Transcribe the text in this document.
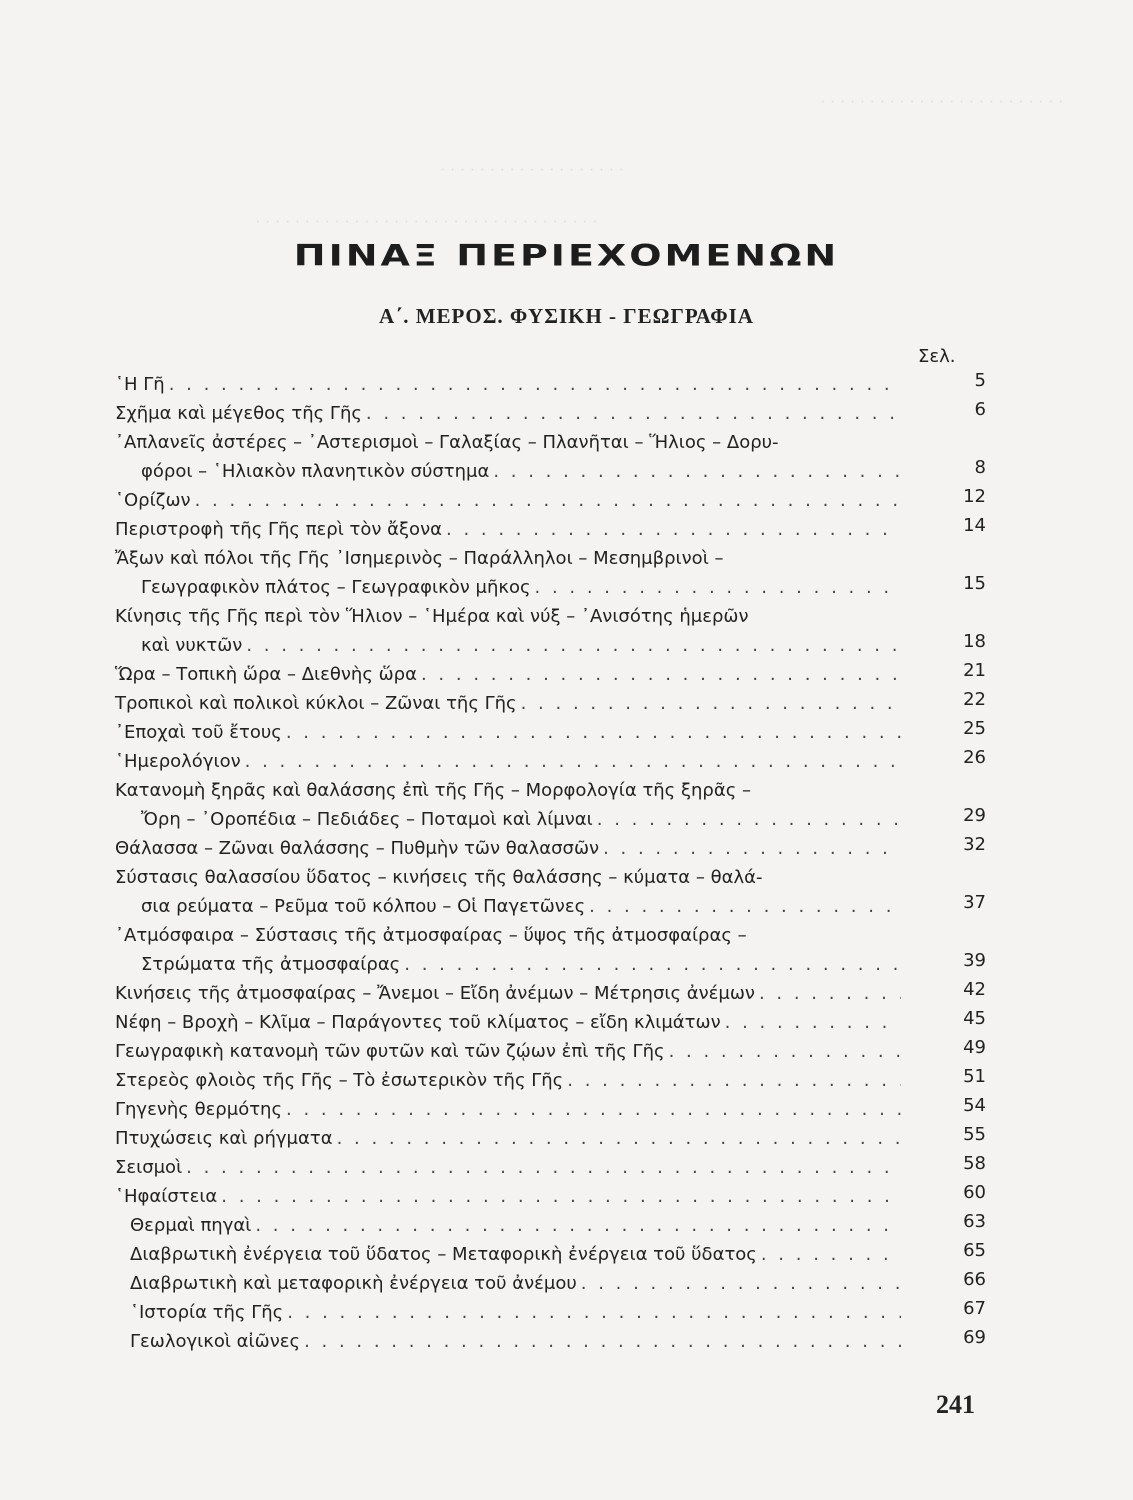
· · · · · · · · · · · · · · · · · · · · · · · · ·
· · · · · · · · · · · · · · · · · · ·
· · · · · · · · · · · · · · · · · · · · · · · · · · · · · · · · · · ·
ΠΙΝΑΞ ΠΕΡΙΕΧΟΜΕΝΩΝ
Α΄. ΜΕΡΟΣ. ΦΥΣΙΚΗ - ΓΕΩΓΡΑΦΙΑ
Σελ.
῾Η Γῆ
. . .
Σχῆμα καὶ μέγεθος τῆς Γῆς
. . .
᾿Απλανεῖς ἀστέρες – ᾿Αστερισμοὶ – Γαλαξίας – Πλανῆται – Ἥλιος – Δορυ-
φόροι – ῾Ηλιακὸν πλανητικὸν σύστημα
. . .
῾Ορίζων
. . .
Περιστροφὴ τῆς Γῆς περὶ τὸν ἄξονα
. . .
Ἄξων καὶ πόλοι τῆς Γῆς ᾿Ισημερινὸς – Παράλληλοι – Μεσημβρινοὶ –
Γεωγραφικὸν πλάτος – Γεωγραφικὸν μῆκος
. . .
Κίνησις τῆς Γῆς περὶ τὸν Ἥλιον – ῾Ημέρα καὶ νύξ – ᾿Ανισότης ἡμερῶν
καὶ νυκτῶν
. . .
Ὥρα – Τοπικὴ ὥρα – Διεθνὴς ὥρα
. . .
Τροπικοὶ καὶ πολικοὶ κύκλοι – Ζῶναι τῆς Γῆς
. . .
᾿Εποχαὶ τοῦ ἔτους
. . .
῾Ημερολόγιον
. . .
Κατανομὴ ξηρᾶς καὶ θαλάσσης ἐπὶ τῆς Γῆς – Μορφολογία τῆς ξηρᾶς –
Ὄρη – ᾿Οροπέδια – Πεδιάδες – Ποταμοὶ καὶ λίμναι
. . .
Θάλασσα – Ζῶναι θαλάσσης – Πυθμὴν τῶν θαλασσῶν
. . .
Σύστασις θαλασσίου ὕδατος – κινήσεις τῆς θαλάσσης – κύματα – θαλά-
σια ρεύματα – Ρεῦμα τοῦ κόλπου – Οἱ Παγετῶνες
. . .
᾿Ατμόσφαιρα – Σύστασις τῆς ἀτμοσφαίρας – ὕψος τῆς ἀτμοσφαίρας –
Στρώματα τῆς ἀτμοσφαίρας
. . .
Κινήσεις τῆς ἀτμοσφαίρας – Ἄνεμοι – Εἴδη ἀνέμων – Μέτρησις ἀνέμων
. . .
Νέφη – Βροχὴ – Κλῖμα – Παράγοντες τοῦ κλίματος – εἴδη κλιμάτων
. . .
Γεωγραφικὴ κατανομὴ τῶν φυτῶν καὶ τῶν ζῴων ἐπὶ τῆς Γῆς
. . .
Στερεὸς φλοιὸς τῆς Γῆς – Τὸ ἐσωτερικὸν τῆς Γῆς
. . .
Γηγενὴς θερμότης
. . .
Πτυχώσεις καὶ ρήγματα
. . .
Σεισμοὶ
. . .
῾Ηφαίστεια
. . .
Θερμαὶ πηγαὶ
. . .
Διαβρωτικὴ ἐνέργεια τοῦ ὕδατος – Μεταφορικὴ ἐνέργεια τοῦ ὕδατος
. . .
Διαβρωτικὴ καὶ μεταφορικὴ ἐνέργεια τοῦ ἀνέμου
. . .
῾Ιστορία τῆς Γῆς
. . .
Γεωλογικοὶ αἰῶνες
. . .
5
6
8
12
14
15
18
21
22
25
26
29
32
37
39
42
45
49
51
54
55
58
60
63
65
66
67
69
241
